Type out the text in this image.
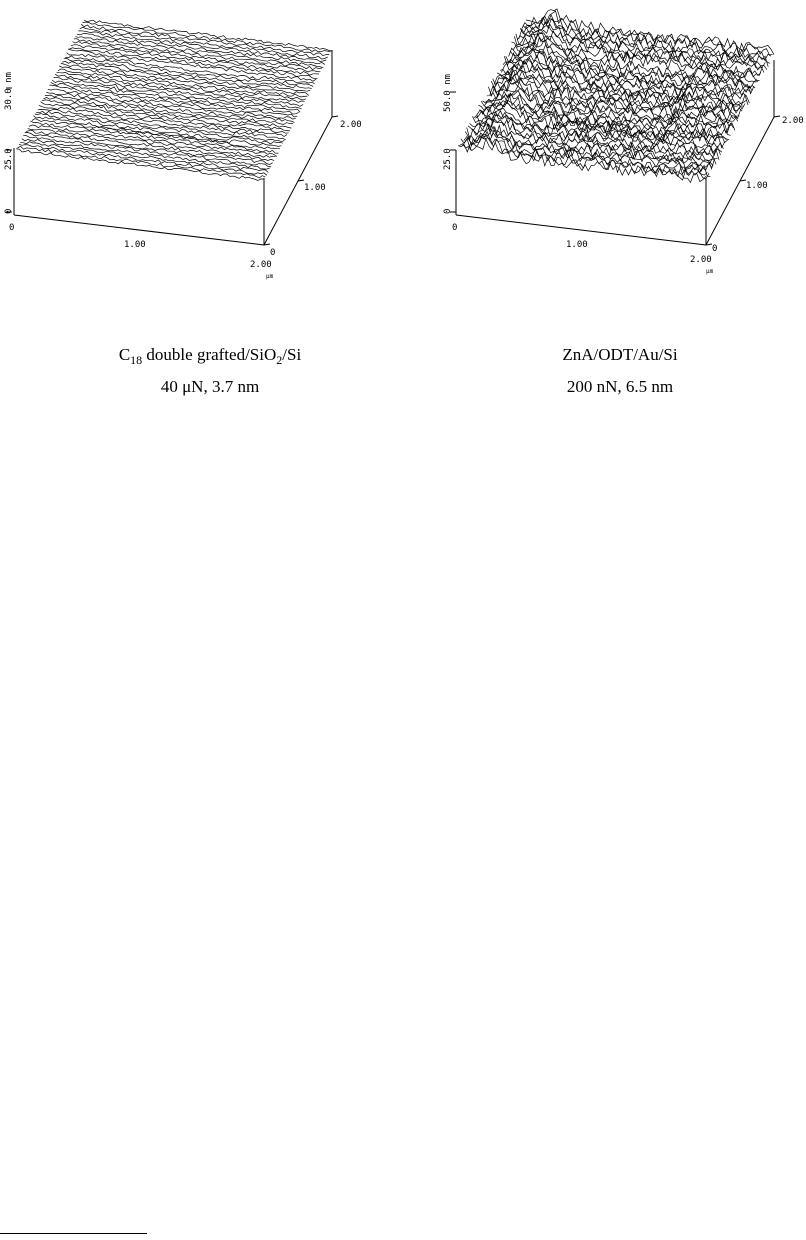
0
25.0
30.0 nm
0
1.00
2.00
μm
0
1.00
2.00
0
25.0
50.0 nm
0
1.00
2.00
μm
0
1.00
2.00
$C_{18}$ double grafted/SiO$_2$/Si
40 μN, 3.7 nm
ZnA/ODT/Au/Si
200 nN, 6.5 nm
